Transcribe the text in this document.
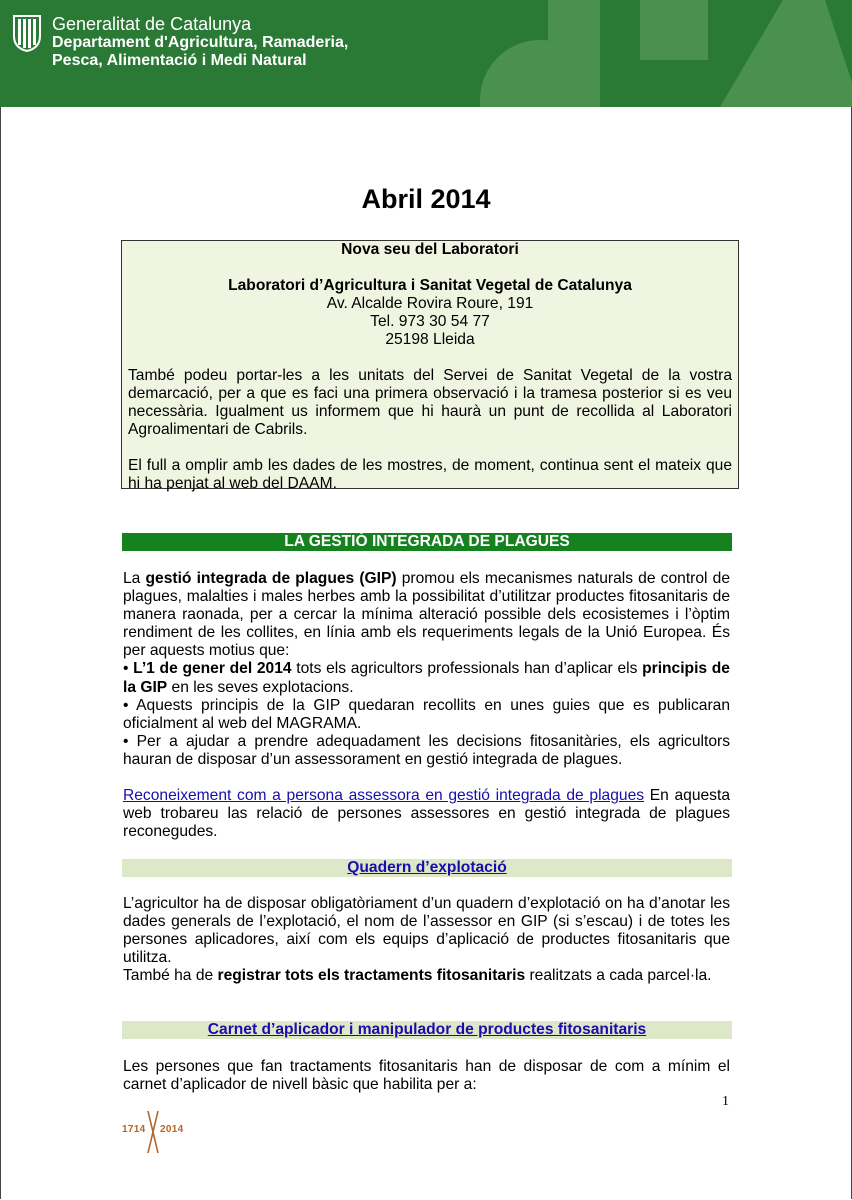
Generalitat de Catalunya
Departament d'Agricultura, Ramaderia,
Pesca, Alimentació i Medi Natural
Abril 2014

Nova seu del Laboratori

Laboratori d’Agricultura i Sanitat Vegetal de Catalunya

Av. Alcalde Rovira Roure, 191

Tel. 973 30 54 77

25198 Lleida

També podeu portar-les a les unitats del Servei de Sanitat Vegetal de la vostra demarcació, per a que es faci una primera observació i la tramesa posterior si es veu necessària. Igualment us informem que hi haurà un punt de recollida al Laboratori Agroalimentari de Cabrils.

El full a omplir amb les dades de les mostres, de moment, continua sent el mateix que hi ha penjat al web del DAAM.

LA GESTIÓ INTEGRADA DE PLAGUES

La gestió integrada de plagues (GIP) promou els mecanismes naturals de control de plagues, malalties i males herbes amb la possibilitat d’utilitzar productes fitosanitaris de manera raonada, per a cercar la mínima alteració possible dels ecosistemes i l’òptim rendiment de les collites, en línia amb els requeriments legals de la Unió Europea. És per aquests motius que:

• L’1 de gener del 2014 tots els agricultors professionals han d’aplicar els principis de la GIP en les seves explotacions.

• Aquests principis de la GIP quedaran recollits en unes guies que es publicaran oficialment al web del MAGRAMA.

• Per a ajudar a prendre adequadament les decisions fitosanitàries, els agricultors hauran de disposar d’un assessorament en gestió integrada de plagues.

Reconeixement com a persona assessora en gestió integrada de plagues En aquesta web trobareu las relació de persones assessores en gestió integrada de plagues reconegudes.

Quadern d’explotació

L’agricultor ha de disposar obligatòriament d’un quadern d’explotació on ha d’anotar les dades generals de l’explotació, el nom de l’assessor en GIP (si s’escau) i de totes les persones aplicadores, així com els equips d’aplicació de productes fitosanitaris que utilitza.

També ha de registrar tots els tractaments fitosanitaris realitzats a cada parcel·la.

Carnet d’aplicador i manipulador de productes fitosanitaris

Les persones que fan tractaments fitosanitaris han de disposar de com a mínim el carnet d’aplicador de nivell bàsic que habilita per a:

1
1714 2014
